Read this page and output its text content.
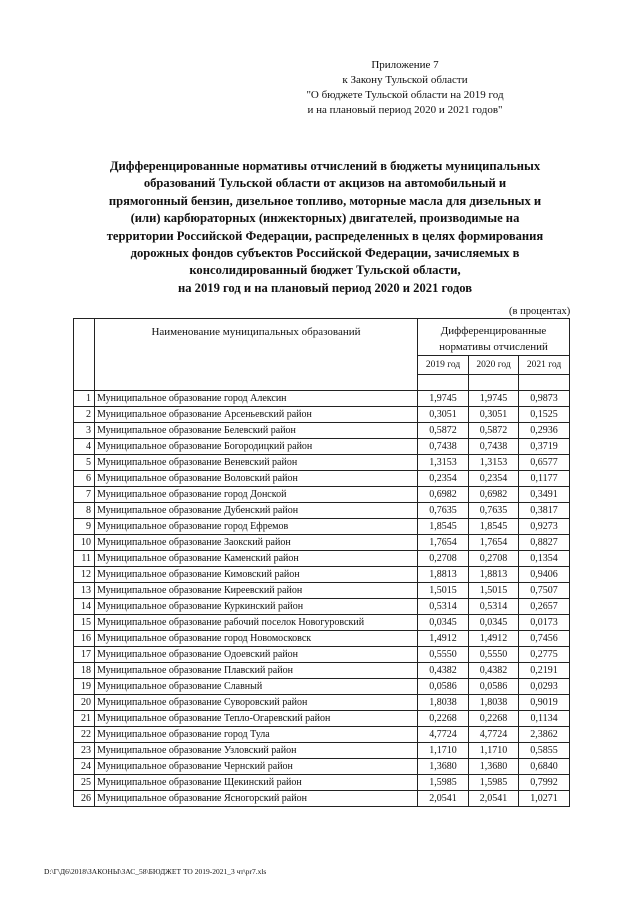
Приложение 7
к Закону Тульской области
"О бюджете Тульской области на 2019 год
и на плановый период 2020 и 2021 годов"
Дифференцированные нормативы отчислений в бюджеты муниципальных
образований Тульской области от акцизов на автомобильный и
прямогонный бензин, дизельное топливо, моторные масла для дизельных и
(или) карбюраторных (инжекторных) двигателей, производимые на
территории Российской Федерации, распределенных в целях формирования
дорожных фондов субъектов Российской Федерации, зачисляемых в
консолидированный бюджет Тульской области,
на 2019 год и на плановый период 2020 и 2021 годов
(в процентах)
	Наименование муниципальных образований	Дифференцированные
нормативы отчислений		

		2019 год	2020 год	2021 год

1	Муниципальное образование город Алексин	1,9745	1,9745	0,9873
2	Муниципальное образование Арсеньевский район	0,3051	0,3051	0,1525
3	Муниципальное образование Белевский район	0,5872	0,5872	0,2936
4	Муниципальное образование Богородицкий район	0,7438	0,7438	0,3719
5	Муниципальное образование Веневский район	1,3153	1,3153	0,6577
6	Муниципальное образование Воловский район	0,2354	0,2354	0,1177
7	Муниципальное образование город Донской	0,6982	0,6982	0,3491
8	Муниципальное образование Дубенский район	0,7635	0,7635	0,3817
9	Муниципальное образование город Ефремов	1,8545	1,8545	0,9273
10	Муниципальное образование Заокский район	1,7654	1,7654	0,8827
11	Муниципальное образование Каменский район	0,2708	0,2708	0,1354
12	Муниципальное образование Кимовский район	1,8813	1,8813	0,9406
13	Муниципальное образование Киреевский район	1,5015	1,5015	0,7507
14	Муниципальное образование Куркинский район	0,5314	0,5314	0,2657
15	Муниципальное образование рабочий поселок Новогуровский	0,0345	0,0345	0,0173
16	Муниципальное образование город Новомосковск	1,4912	1,4912	0,7456
17	Муниципальное образование Одоевский район	0,5550	0,5550	0,2775
18	Муниципальное образование Плавский район	0,4382	0,4382	0,2191
19	Муниципальное образование Славный	0,0586	0,0586	0,0293
20	Муниципальное образование Суворовский район	1,8038	1,8038	0,9019
21	Муниципальное образование Тепло-Огаревский район	0,2268	0,2268	0,1134
22	Муниципальное образование город Тула	4,7724	4,7724	2,3862
23	Муниципальное образование Узловский район	1,1710	1,1710	0,5855
24	Муниципальное образование Чернский район	1,3680	1,3680	0,6840
25	Муниципальное образование Щекинский район	1,5985	1,5985	0,7992
26	Муниципальное образование Ясногорский район	2,0541	2,0541	1,0271
D:\Г\Д6\2018\ЗАКОНЫ\ЗАС_58\БЮДЖЕТ ТО 2019-2021_3 чт\pr7.xls
